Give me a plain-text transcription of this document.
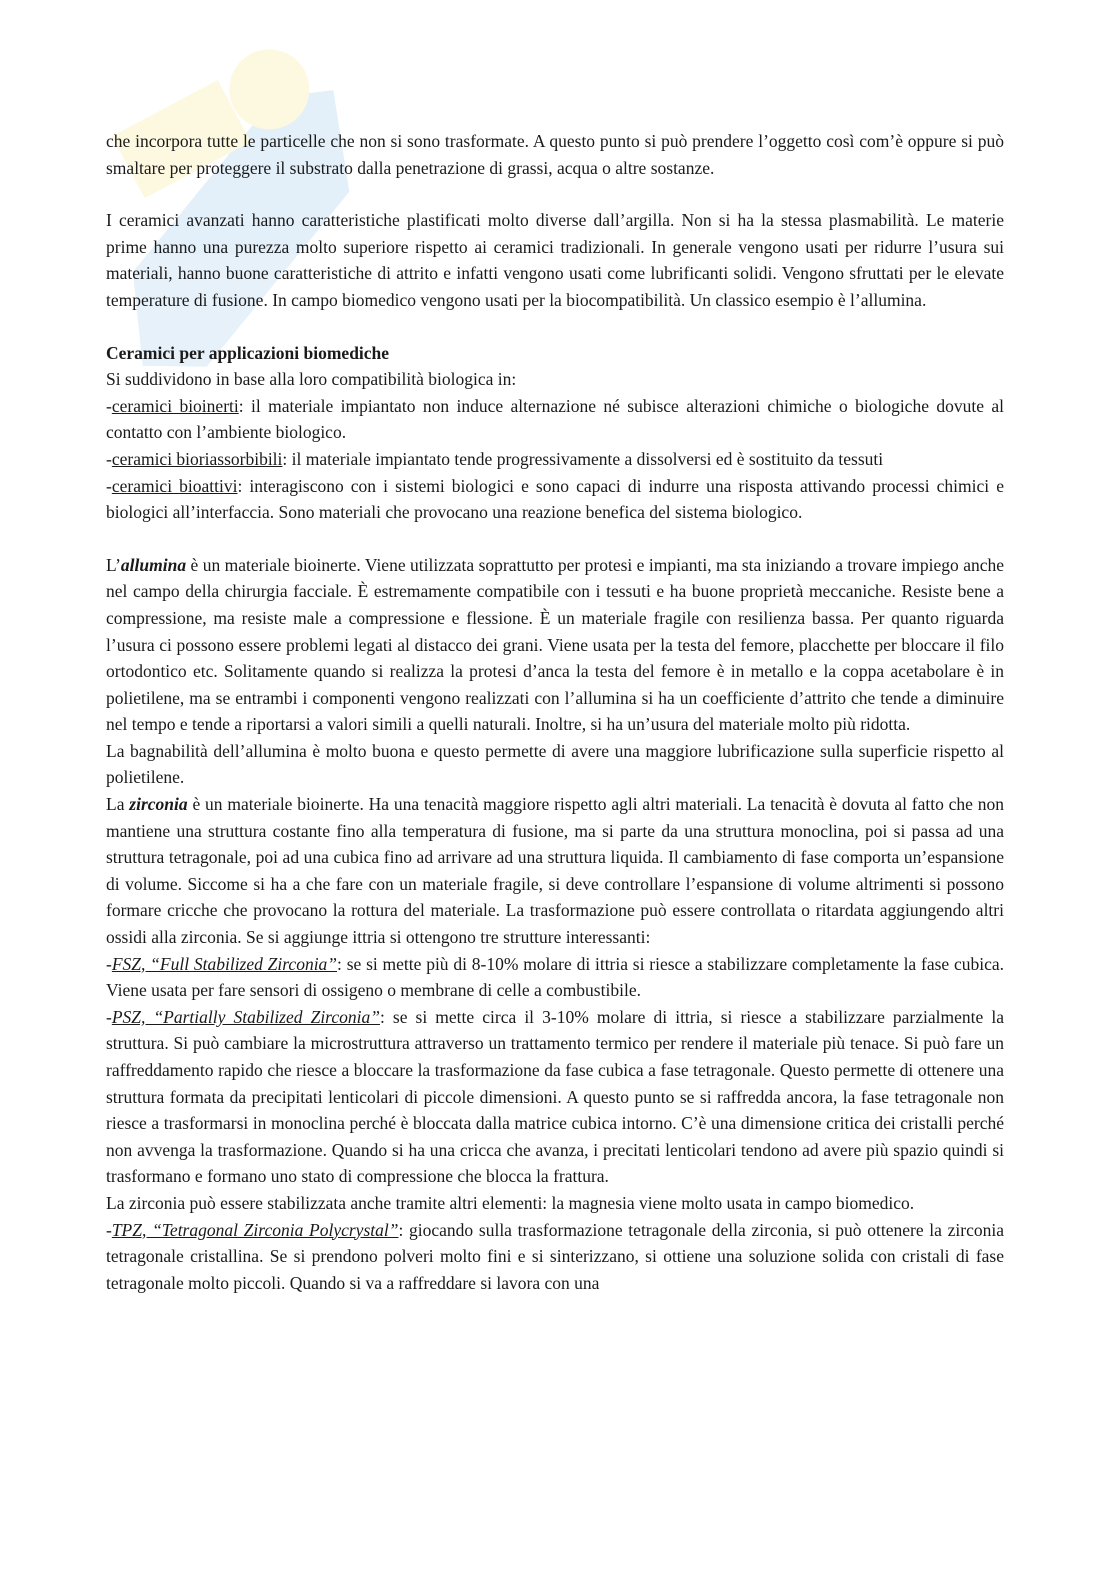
che incorpora tutte le particelle che non si sono trasformate. A questo punto si può prendere l’oggetto così com’è oppure si può smaltare per proteggere il substrato dalla penetrazione di grassi, acqua o altre sostanze.

I ceramici avanzati hanno caratteristiche plastificati molto diverse dall’argilla. Non si ha la stessa plasmabilità. Le materie prime hanno una purezza molto superiore rispetto ai ceramici tradizionali. In generale vengono usati per ridurre l’usura sui materiali, hanno buone caratteristiche di attrito e infatti vengono usati come lubrificanti solidi. Vengono sfruttati per le elevate temperature di fusione. In campo biomedico vengono usati per la biocompatibilità. Un classico esempio è l’allumina.

Ceramici per applicazioni biomediche

Si suddividono in base alla loro compatibilità biologica in:

-ceramici bioinerti: il materiale impiantato non induce alternazione né subisce alterazioni chimiche o biologiche dovute al contatto con l’ambiente biologico.

-ceramici bioriassorbibili: il materiale impiantato tende progressivamente a dissolversi ed è sostituito da tessuti

-ceramici bioattivi: interagiscono con i sistemi biologici e sono capaci di indurre una risposta attivando processi chimici e biologici all’interfaccia. Sono materiali che provocano una reazione benefica del sistema biologico.

L’allumina è un materiale bioinerte. Viene utilizzata soprattutto per protesi e impianti, ma sta iniziando a trovare impiego anche nel campo della chirurgia facciale. È estremamente compatibile con i tessuti e ha buone proprietà meccaniche. Resiste bene a compressione, ma resiste male a compressione e flessione. È un materiale fragile con resilienza bassa. Per quanto riguarda l’usura ci possono essere problemi legati al distacco dei grani. Viene usata per la testa del femore, placchette per bloccare il filo ortodontico etc. Solitamente quando si realizza la protesi d’anca la testa del femore è in metallo e la coppa acetabolare è in polietilene, ma se entrambi i componenti vengono realizzati con l’allumina si ha un coefficiente d’attrito che tende a diminuire nel tempo e tende a riportarsi a valori simili a quelli naturali. Inoltre, si ha un’usura del materiale molto più ridotta.

La bagnabilità dell’allumina è molto buona e questo permette di avere una maggiore lubrificazione sulla superficie rispetto al polietilene.

La zirconia è un materiale bioinerte. Ha una tenacità maggiore rispetto agli altri materiali. La tenacità è dovuta al fatto che non mantiene una struttura costante fino alla temperatura di fusione, ma si parte da una struttura monoclina, poi si passa ad una struttura tetragonale, poi ad una cubica fino ad arrivare ad una struttura liquida. Il cambiamento di fase comporta un’espansione di volume. Siccome si ha a che fare con un materiale fragile, si deve controllare l’espansione di volume altrimenti si possono formare cricche che provocano la rottura del materiale. La trasformazione può essere controllata o ritardata aggiungendo altri ossidi alla zirconia. Se si aggiunge ittria si ottengono tre strutture interessanti:

-FSZ, “Full Stabilized Zirconia”: se si mette più di 8-10% molare di ittria si riesce a stabilizzare completamente la fase cubica. Viene usata per fare sensori di ossigeno o membrane di celle a combustibile.

-PSZ, “Partially Stabilized Zirconia”: se si mette circa il 3-10% molare di ittria, si riesce a stabilizzare parzialmente la struttura. Si può cambiare la microstruttura attraverso un trattamento termico per rendere il materiale più tenace. Si può fare un raffreddamento rapido che riesce a bloccare la trasformazione da fase cubica a fase tetragonale. Questo permette di ottenere una struttura formata da precipitati lenticolari di piccole dimensioni. A questo punto se si raffredda ancora, la fase tetragonale non riesce a trasformarsi in monoclina perché è bloccata dalla matrice cubica intorno. C’è una dimensione critica dei cristalli perché non avvenga la trasformazione. Quando si ha una cricca che avanza, i precitati lenticolari tendono ad avere più spazio quindi si trasformano e formano uno stato di compressione che blocca la frattura.

La zirconia può essere stabilizzata anche tramite altri elementi: la magnesia viene molto usata in campo biomedico.

-TPZ, “Tetragonal Zirconia Polycrystal”: giocando sulla trasformazione tetragonale della zirconia, si può ottenere la zirconia tetragonale cristallina. Se si prendono polveri molto fini e si sinterizzano, si ottiene una soluzione solida con cristali di fase tetragonale molto piccoli. Quando si va a raffreddare si lavora con una
